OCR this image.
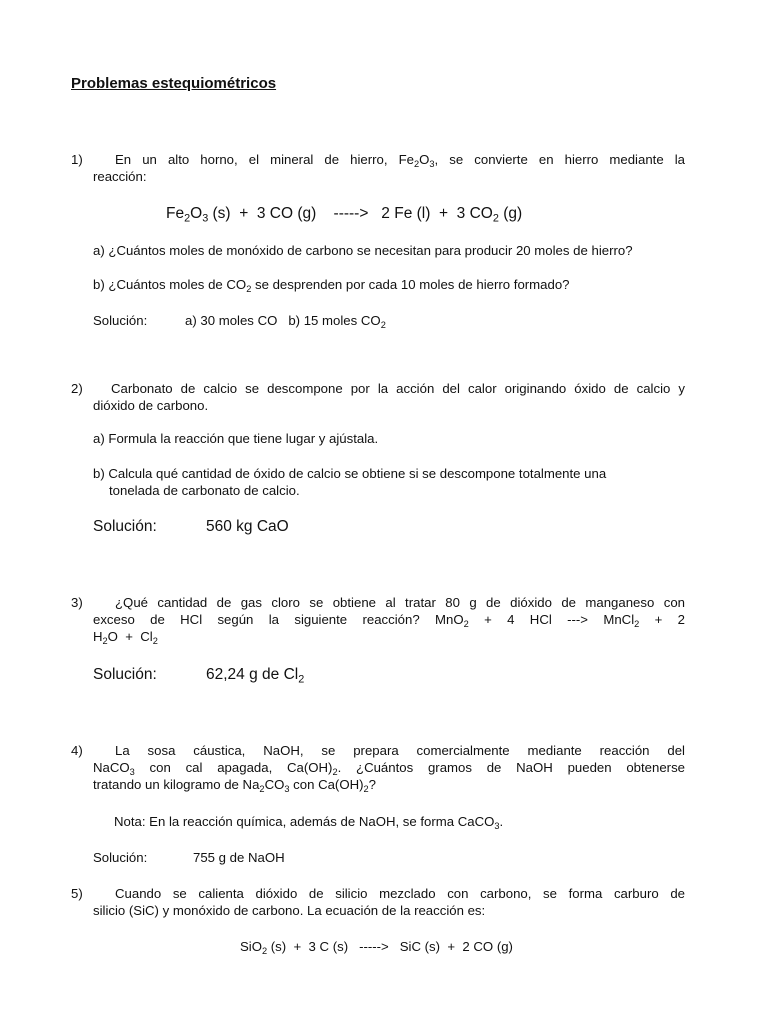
Problemas estequiométricos
1)	En un alto horno, el mineral de hierro, $Fe_2O_3$, se convierte en hierro mediante la
reacción:
$Fe_2O_3$ (s)  +  3 CO (g)    ----->   2 Fe (l)  +  3 $CO_2$ (g)
a) ¿Cuántos moles de monóxido de carbono se necesitan para producir 20 moles de hierro?
b) ¿Cuántos moles de $CO_2$ se desprenden por cada 10 moles de hierro formado?
Solución:	a) 30 moles CO   b) 15 moles $CO_2$
2)	Carbonato de calcio se descompone por la acción del calor originando óxido de calcio y
dióxido de carbono.
a) Formula la reacción que tiene lugar y ajústala.
b) Calcula qué cantidad de óxido de calcio se obtiene si se descompone totalmente una
tonelada de carbonato de calcio.
Solución:	560 kg CaO
3)	¿Qué cantidad de gas cloro se obtiene al tratar 80 g de dióxido de manganeso con
exceso de HCl según la siguiente reacción? MnO$_2$ + 4 HCl ---> MnCl$_2$ + 2
$H_2O + Cl_2$
Solución:	62,24 g de $Cl_2$
4)	La sosa cáustica, NaOH, se prepara comercialmente mediante reacción del
NaCO$_3$ con cal apagada, $Ca(OH)_2$. ¿Cuántos gramos de NaOH pueden obtenerse
tratando un kilogramo de $Na_2CO_3$ con $Ca(OH)_2$?
Nota: En la reacción química, además de NaOH, se forma CaCO$_3$.
Solución:	755 g de NaOH
5)	Cuando se calienta dióxido de silicio mezclado con carbono, se forma carburo de
silicio (SiC) y monóxido de carbono. La ecuación de la reacción es:
SiO$_2$ (s)  +  3 C (s)   ----->   SiC (s)  +  2 CO (g)
